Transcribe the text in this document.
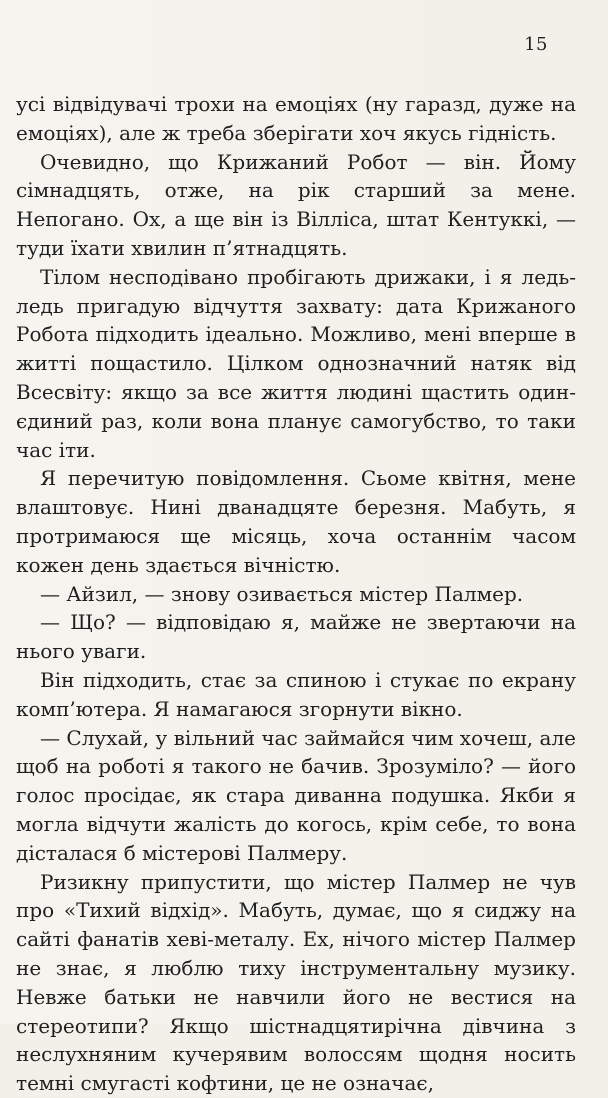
15

усі відвідувачі трохи на емоціях (ну гаразд, дуже на емоціях), але ж треба зберігати хоч якусь гідність.

Очевидно, що Крижаний Робот — він. Йому сімнадцять, отже, на рік старший за мене. Непогано. Ох, а ще він із Вілліса, штат Кентуккі, — туди їхати хвилин п’ятнадцять.

Тілом несподівано пробігають дрижаки, і я ледь-ледь пригадую відчуття захвату: дата Крижаного Робота підходить ідеально. Можливо, мені вперше в житті пощастило. Цілком однозначний натяк від Всесвіту: якщо за все життя людині щастить один-єдиний раз, коли вона планує самогубство, то таки час іти.

Я перечитую повідомлення. Сьоме квітня, мене влаштовує. Нині дванадцяте березня. Мабуть, я протримаюся ще місяць, хоча останнім часом кожен день здається вічністю.

— Айзил, — знову озивається містер Палмер.

— Що? — відповідаю я, майже не звертаючи на нього уваги.

Він підходить, стає за спиною і стукає по екрану комп’ютера. Я намагаюся згорнути вікно.

— Слухай, у вільний час займайся чим хочеш, але щоб на роботі я такого не бачив. Зрозуміло? — його голос просідає, як стара диванна подушка. Якби я могла відчути жалість до когось, крім себе, то вона дісталася б містерові Палмеру.

Ризикну припустити, що містер Палмер не чув про «Тихий відхід». Мабуть, думає, що я сиджу на сайті фанатів хеві-металу. Ех, нічого містер Палмер не знає, я люблю тиху інструментальну музику. Невже батьки не навчили його не вестися на стереотипи? Якщо шістнадцятирічна дівчина з неслухняним кучерявим волоссям щодня носить темні смугасті кофтини, це не означає,
